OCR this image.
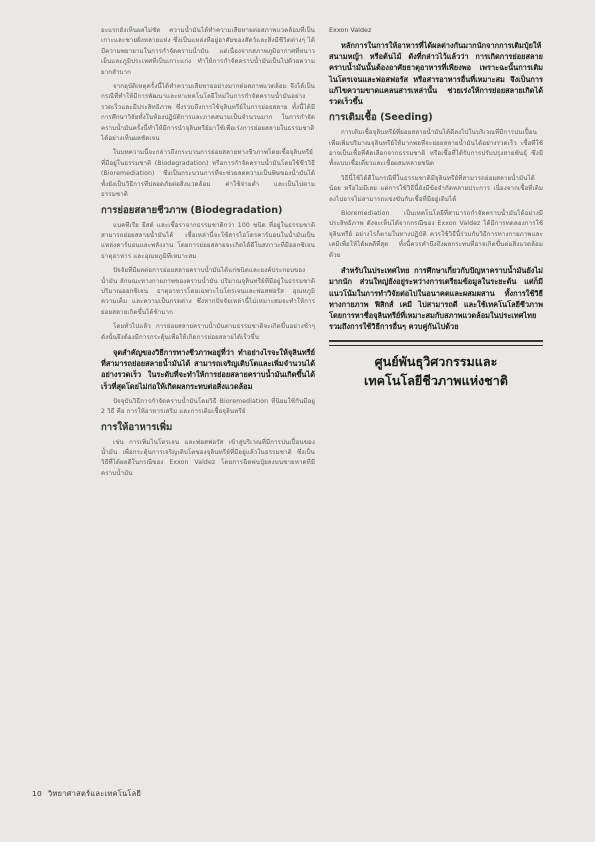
ยะแรกยังเห็นผลไม่ชัด ความน้ำมันได้ทำความเสียหายต่อสภาพแวดล้อมที่เป็นเกาะและชายฝั่งหลายแห่ง ซึ่งเป็นแหล่งที่อยู่อาศัยของสัตว์และสิ่งมีชีวิตต่างๆ ได้มีความพยายามในการกำจัดคราบน้ำมัน แต่เนื่องจากสภาพภูมิอากาศที่หนาวเย็นและภูมิประเทศที่เป็นเกาะแก่ง ทำให้การกำจัดคราบน้ำมันเป็นไปด้วยความยากลำบาก

จากอุบัติเหตุครั้งนี้ได้ทำความเสียหายอย่างมากต่อสภาพแวดล้อม จึงได้เป็นกรณีที่ทำให้มีการพัฒนาและหาเทคโนโลยีใหม่ในการกำจัดคราบน้ำมันอย่างรวดเร็วและมีประสิทธิภาพ ซึ่งรวมถึงการใช้จุลินทรีย์ในการย่อยสลาย ทั้งนี้ได้มีการศึกษาวิจัยทั้งในห้องปฏิบัติการและภาคสนามเป็นจำนวนมาก ในการกำจัดคราบน้ำมันครั้งนี้ทำให้มีการนำจุลินทรีย์มาใช้เพื่อเร่งการย่อยสลายในธรรมชาติได้อย่างเห็นผลชัดเจน

ในบทความนี้จะกล่าวถึงกระบวนการย่อยสลายทางชีวภาพโดยเชื้อจุลินทรีย์ที่มีอยู่ในธรรมชาติ (Biodegradation) หรือการกำจัดคราบน้ำมันโดยใช้ชีววิธี (Bioremediation) ซึ่งเป็นกระบวนการที่จะช่วยลดความเป็นพิษของน้ำมันได้ ทั้งยังเป็นวิธีการที่ปลอดภัยต่อสิ่งแวดล้อม ค่าใช้จ่ายต่ำ และเป็นไปตามธรรมชาติ

การย่อยสลายชีวภาพ (Biodegradation)

แบคทีเรีย ยีสต์ และเชื้อราจากธรรมชาติกว่า 100 ชนิด ที่อยู่ในธรรมชาติสามารถย่อยสลายน้ำมันได้ เชื้อเหล่านี้จะใช้สารไฮโดรคาร์บอนในน้ำมันเป็นแหล่งคาร์บอนและพลังงาน โดยการย่อยสลายจะเกิดได้ดีในสภาวะที่มีออกซิเจน ธาตุอาหาร และอุณหภูมิที่เหมาะสม

ปัจจัยที่มีผลต่อการย่อยสลายคราบน้ำมันได้แก่ชนิดและองค์ประกอบของน้ำมัน ลักษณะทางกายภาพของคราบน้ำมัน ปริมาณจุลินทรีย์ที่มีอยู่ในธรรมชาติ ปริมาณออกซิเจน ธาตุอาหารโดยเฉพาะไนโตรเจนและฟอสฟอรัส อุณหภูมิ ความเค็ม และความเป็นกรดด่าง ซึ่งหากปัจจัยเหล่านี้ไม่เหมาะสมจะทำให้การย่อยสลายเกิดขึ้นได้ช้ามาก

โดยทั่วไปแล้ว การย่อยสลายคราบน้ำมันตามธรรมชาติจะเกิดขึ้นอย่างช้าๆ ดังนั้นจึงต้องมีการกระตุ้นเพื่อให้เกิดการย่อยสลายได้เร็วขึ้น

จุดสำคัญของวิธีการทางชีวภาพอยู่ที่ว่า ทำอย่างไรจะให้จุลินทรีย์ ที่สามารถย่อยสลายน้ำมันได้ สามารถเจริญเติบโตและเพิ่มจำนวนได้อย่างรวดเร็ว ในระดับที่จะทำให้การย่อยสลายคราบน้ำมันเกิดขึ้นได้เร็วที่สุดโดยไม่ก่อให้เกิดผลกระทบต่อสิ่งแวดล้อม

ปัจจุบันวิธีการกำจัดคราบน้ำมันโดยวิธี Bioremediation ที่นิยมใช้กันมีอยู่ 2 วิธี คือ การให้อาหารเสริม และการเติมเชื้อจุลินทรีย์

การให้อาหารเพิ่ม

เช่น การเพิ่มไนโตรเจน และฟอสฟอรัส เข้าสู่บริเวณที่มีการปนเปื้อนของน้ำมัน เพื่อกระตุ้นการเจริญเติบโตของจุลินทรีย์ที่มีอยู่แล้วในธรรมชาติ ซึ่งเป็นวิธีที่ได้ผลดีในกรณีของ Exxon Valdez โดยการฉีดพ่นปุ๋ยลงบนชายหาดที่มีคราบน้ำมัน

Exxon Valdez

หลักการในการให้อาหารที่ได้ผลต่างกันมากนักจากการเติมปุ๋ยให้สนามหญ้า หรือต้นไม้ ดังที่กล่าวไว้แล้วว่า การเกิดการย่อยสลายคราบน้ำมันนั้นต้องอาศัยธาตุอาหารที่เพียงพอ เพราะฉะนั้นการเติมไนโตรเจนและฟอสฟอรัส หรือสารอาหารอื่นที่เหมาะสม จึงเป็นการแก้ไขความขาดแคลนสารเหล่านั้น ช่วยเร่งให้การย่อยสลายเกิดได้รวดเร็วขึ้น

การเติมเชื้อ (Seeding)

การเติมเชื้อจุลินทรีย์ที่ย่อยสลายน้ำมันได้ดีลงไปในบริเวณที่มีการปนเปื้อน เพื่อเพิ่มปริมาณจุลินทรีย์ให้มากพอที่จะย่อยสลายน้ำมันได้อย่างรวดเร็ว เชื้อที่ใช้อาจเป็นเชื้อที่คัดเลือกจากธรรมชาติ หรือเชื้อที่ได้รับการปรับปรุงสายพันธุ์ ซึ่งมีทั้งแบบเชื้อเดี่ยวและเชื้อผสมหลายชนิด

วิธีนี้ใช้ได้ดีในกรณีที่ในธรรมชาติมีจุลินทรีย์ที่สามารถย่อยสลายน้ำมันได้น้อย หรือไม่มีเลย แต่การใช้วิธีนี้ยังมีข้อจำกัดหลายประการ เนื่องจากเชื้อที่เติมลงไปอาจไม่สามารถแข่งขันกับเชื้อที่มีอยู่เดิมได้

Bioremediation เป็นเทคโนโลยีที่สามารถกำจัดคราบน้ำมันได้อย่างมีประสิทธิภาพ ดังจะเห็นได้จากกรณีของ Exxon Valdez ได้มีการทดลองการใช้จุลินทรีย์ อย่างไรก็ตามในทางปฏิบัติ ควรใช้วิธีนี้ร่วมกับวิธีการทางกายภาพและเคมีเพื่อให้ได้ผลดีที่สุด ทั้งนี้ควรคำนึงถึงผลกระทบที่อาจเกิดขึ้นต่อสิ่งแวดล้อมด้วย

สำหรับในประเทศไทย การศึกษาเกี่ยวกับปัญหาคราบน้ำมันยังไม่มากนัก ส่วนใหญ่ยังอยู่ระหว่างการเตรียมข้อมูลในระยะต้น แต่ก็มีแนวโน้มในการทำวิจัยต่อไปในอนาคตและผสมผสาน ทั้งการใช้วิธีทางกายภาพ ฟิสิกส์ เคมี ไปสามารถดี และใช้เทคโนโลยีชีวภาพ โดยการหาชื่อจุลินทรีย์ที่เหมาะสมกับสภาพแวดล้อมในประเทศไทย รวมถึงการใช้วิธีการอื่นๆ ควบคู่กันไปด้วย

ศูนย์พันธุวิศวกรรมและ

เทคโนโลยีชีวภาพแห่งชาติ

10 วิทยาศาสตร์และเทคโนโลยี
